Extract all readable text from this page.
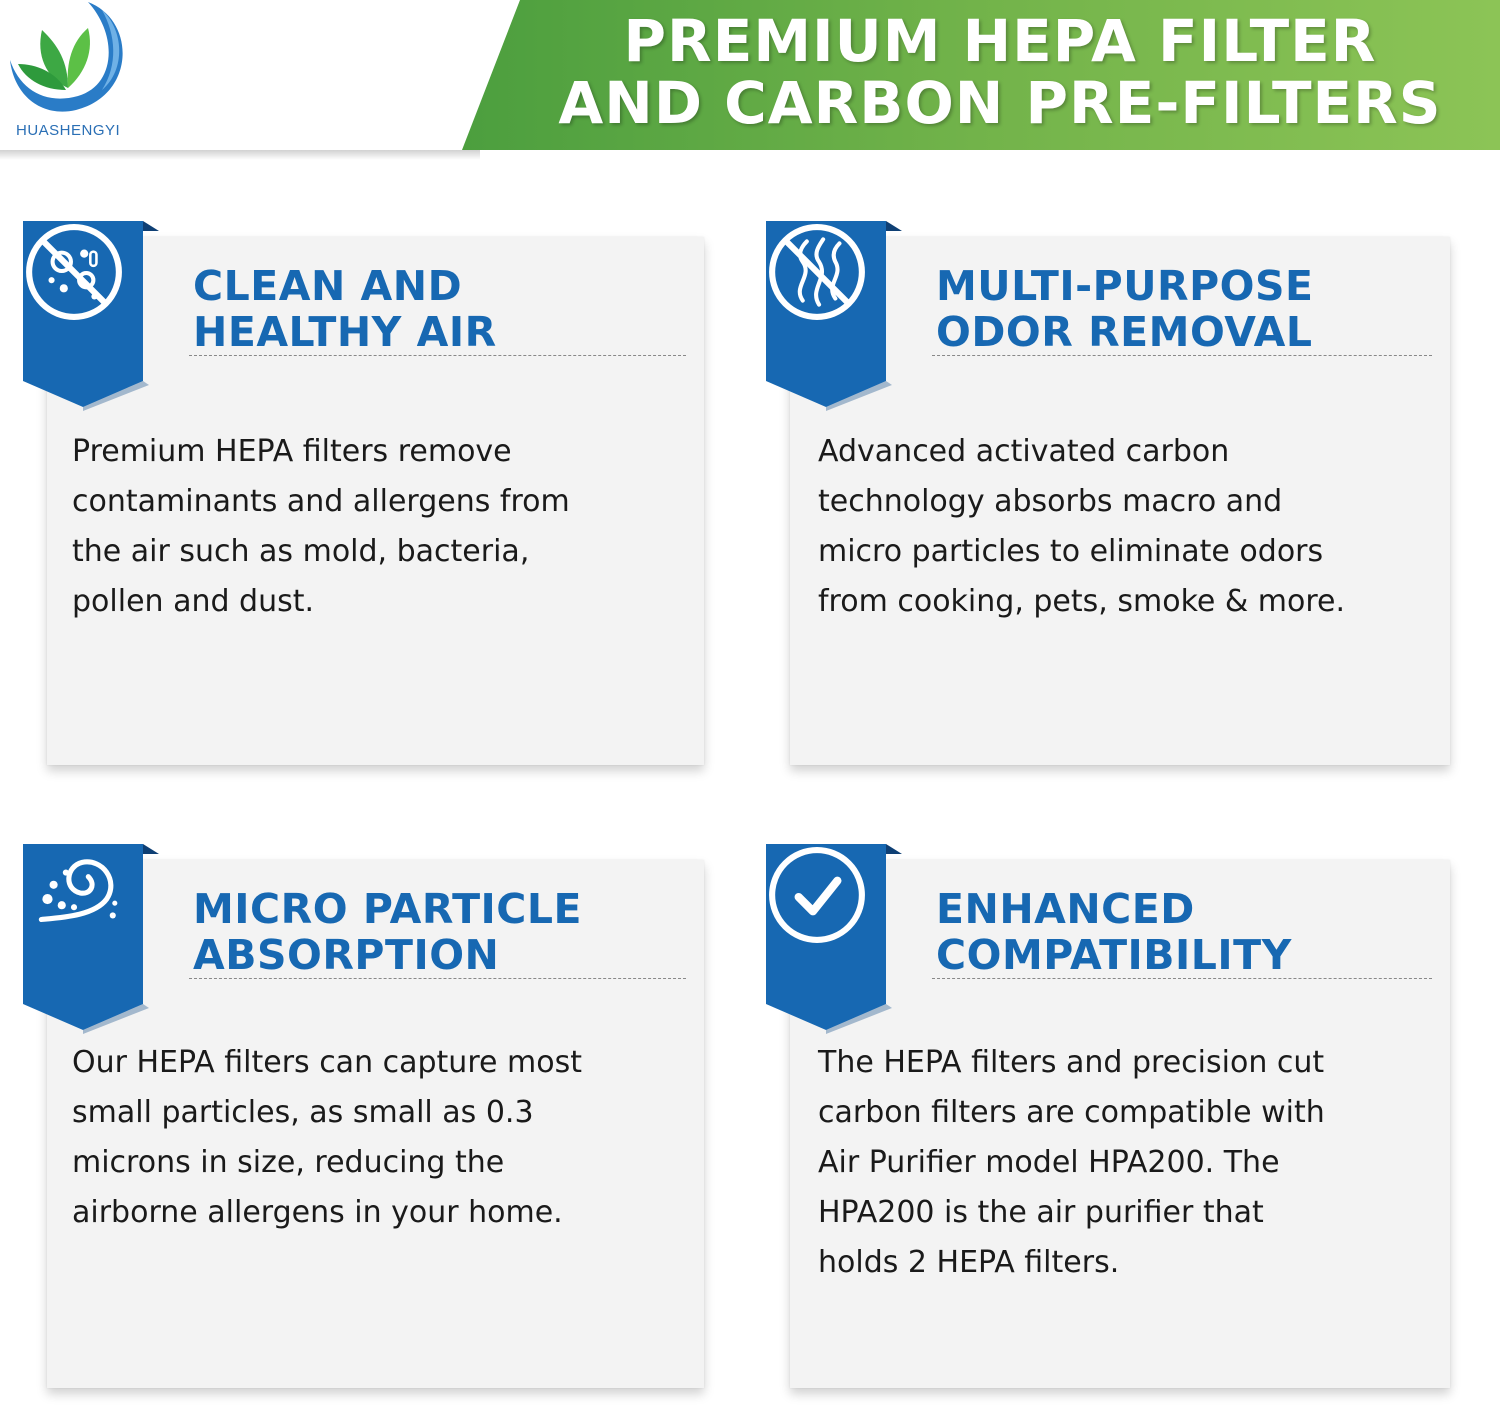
PREMIUM HEPA FILTER
AND CARBON PRE-FILTERS
HUASHENGYI
CLEAN AND
HEALTHY AIR

Premium HEPA filters remove
contaminants and allergens from
the air such as mold, bacteria,
pollen and dust.

MULTI-PURPOSE
ODOR REMOVAL

Advanced activated carbon
technology absorbs macro and
micro particles to eliminate odors
from cooking, pets, smoke & more.

MICRO PARTICLE
ABSORPTION

Our HEPA filters can capture most
small particles, as small as 0.3
microns in size, reducing the
airborne allergens in your home.

ENHANCED
COMPATIBILITY

The HEPA filters and precision cut
carbon filters are compatible with
Air Purifier model HPA200. The
HPA200 is the air purifier that
holds 2 HEPA filters.
